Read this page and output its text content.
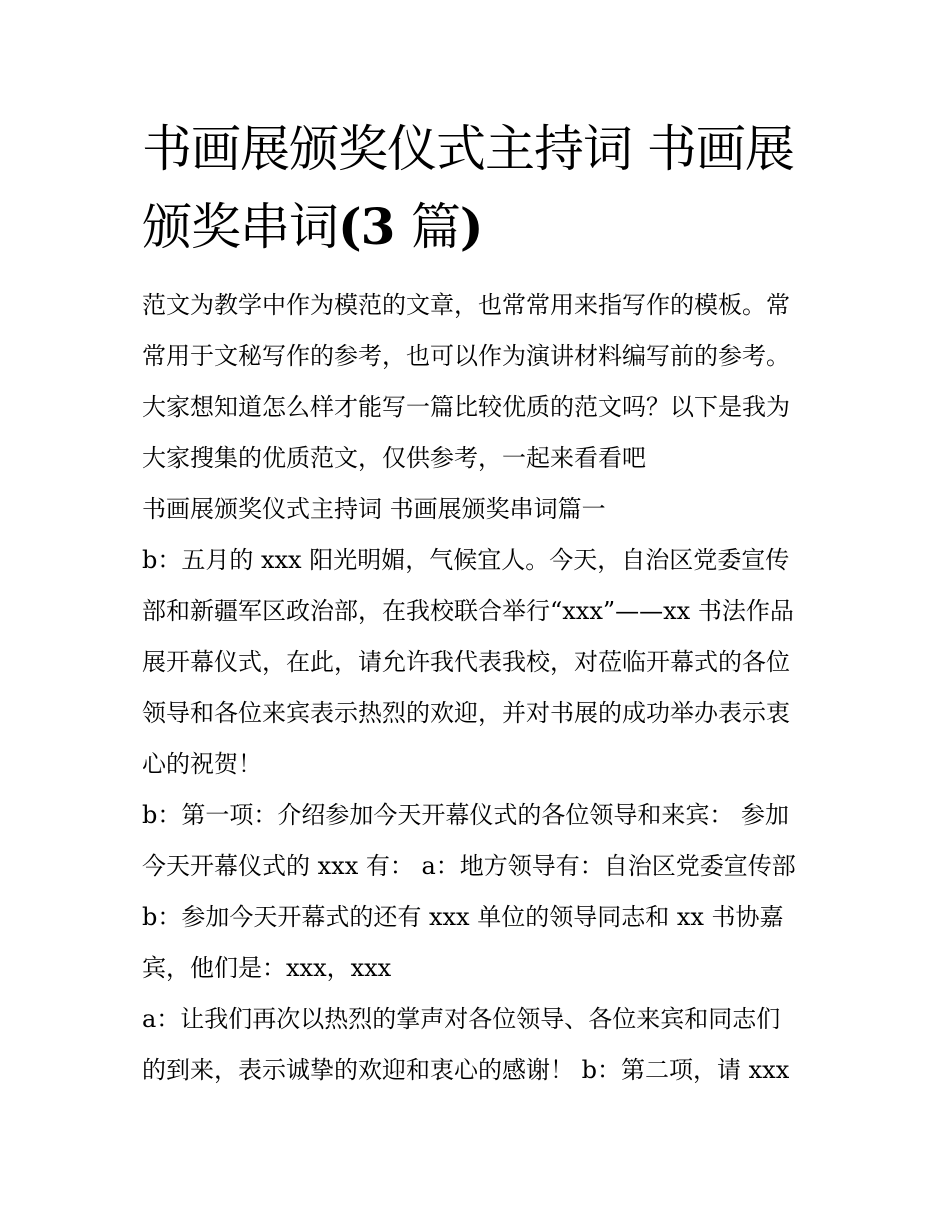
书画展颁奖仪式主持词 书画展
颁奖串词(3 篇)
范文为教学中作为模范的文章，也常常用来指写作的模板。常
常用于文秘写作的参考，也可以作为演讲材料编写前的参考。
大家想知道怎么样才能写一篇比较优质的范文吗？以下是我为
大家搜集的优质范文，仅供参考，一起来看看吧
书画展颁奖仪式主持词 书画展颁奖串词篇一
b：五月的 xxx 阳光明媚，气候宜人。今天，自治区党委宣传
部和新疆军区政治部，在我校联合举行“xxx”——xx 书法作品
展开幕仪式，在此，请允许我代表我校，对莅临开幕式的各位
领导和各位来宾表示热烈的欢迎，并对书展的成功举办表示衷
心的祝贺！
b：第一项：介绍参加今天开幕仪式的各位领导和来宾： 参加
今天开幕仪式的 xxx 有： a：地方领导有：自治区党委宣传部
b：参加今天开幕式的还有 xxx 单位的领导同志和 xx 书协嘉
宾，他们是：xxx，xxx
a：让我们再次以热烈的掌声对各位领导、各位来宾和同志们
的到来，表示诚挚的欢迎和衷心的感谢！ b：第二项，请 xxx
